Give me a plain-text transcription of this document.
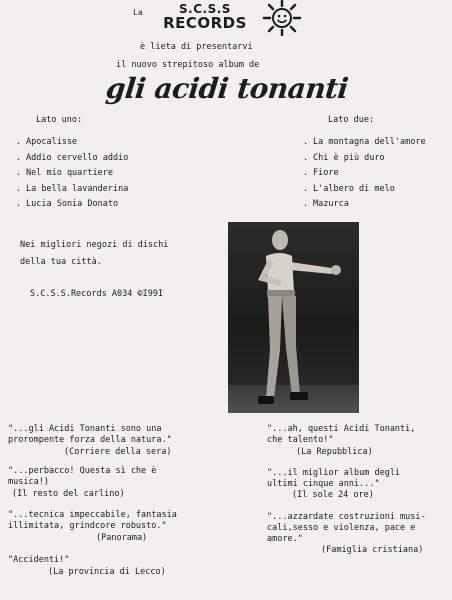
La	S.C.S.S
RECORDS
è lieta di presentarvi
il nuovo strepitoso album de
gli acidi tonanti
Lato uno:
. Apocalisse
. Addio cervello addio
. Nel mio quartiere
. La bella lavanderina
. Lucia Sonia Donato
Lato due:
. La montagna dell'amore
. Chi è più duro
. Fiore
. L'albero di melo
. Mazurca
Nei migliori negozi di dischi
della tua città.
S.C.S.S.Records A034 ©I99I
"...gli Acidi Tonanti sono una
prorompente forza della natura."
(Corriere della sera)
"...perbacco! Questa sì che è
musica!)
(Il resto del carlino)
"...tecnica impeccabile, fantasia
illimitata, grindcore robusto."
(Panorama)
"Accidenti!"
(La provincia di Lecco)
"...ah, questi Acidi Tonanti,
che talento!"
(La Repubblica)
"...il miglior album degli
ultimi cinque anni..."
(Il sole 24 ore)
"...azzardate costruzioni musi-
cali,sesso e violenza, pace e
amore."
(Famiglia cristiana)
